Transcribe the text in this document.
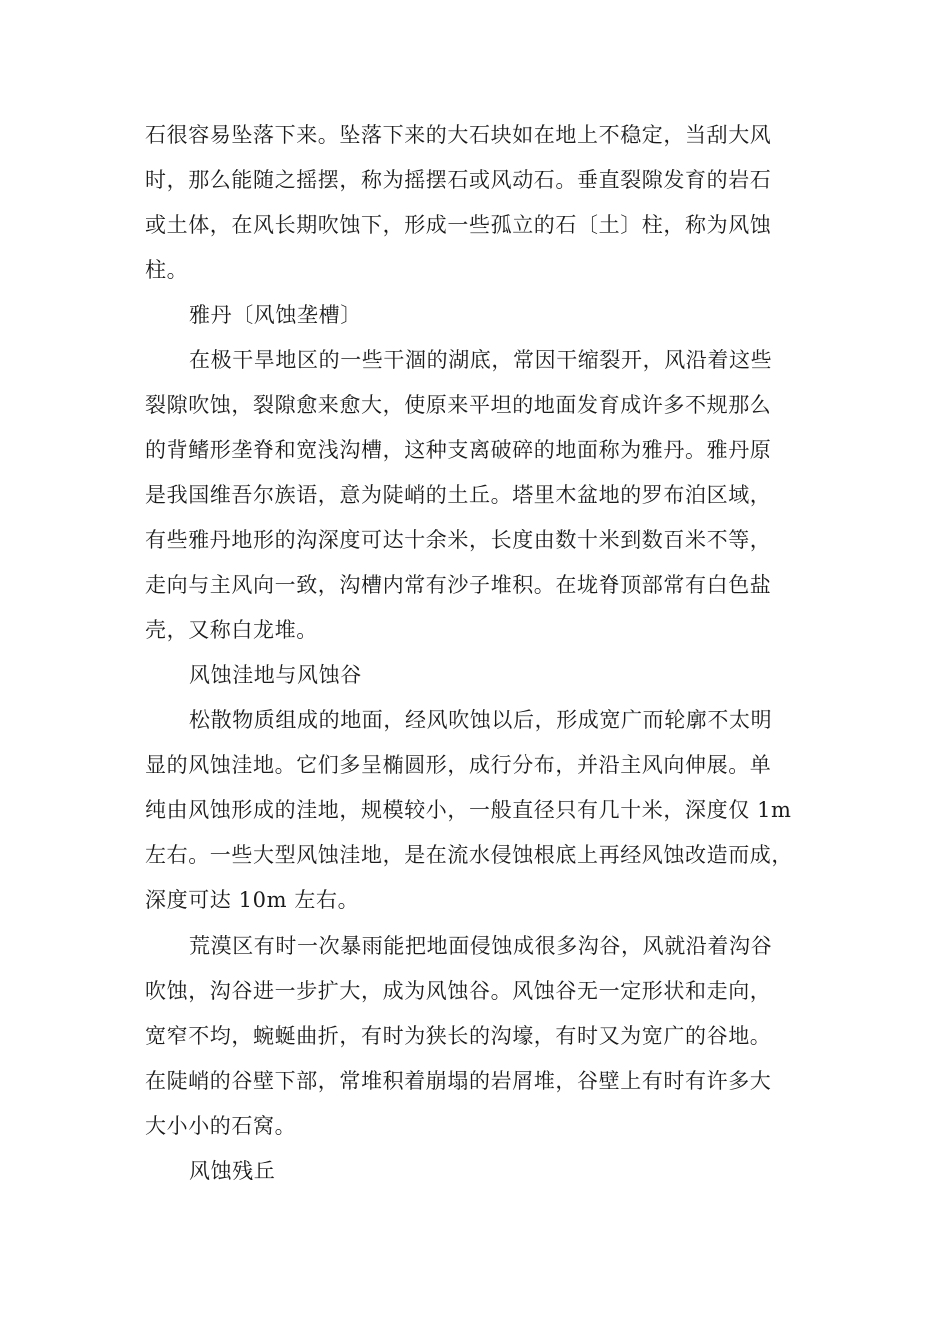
石很容易坠落下来。坠落下来的大石块如在地上不稳定，当刮大风
时，那么能随之摇摆，称为摇摆石或风动石。垂直裂隙发育的岩石
或土体，在风长期吹蚀下，形成一些孤立的石〔土〕柱，称为风蚀
柱。
雅丹〔风蚀垄槽〕
在极干旱地区的一些干涸的湖底，常因干缩裂开，风沿着这些
裂隙吹蚀，裂隙愈来愈大，使原来平坦的地面发育成许多不规那么
的背鳍形垄脊和宽浅沟槽，这种支离破碎的地面称为雅丹。雅丹原
是我国维吾尔族语，意为陡峭的土丘。塔里木盆地的罗布泊区域，
有些雅丹地形的沟深度可达十余米，长度由数十米到数百米不等，
走向与主风向一致，沟槽内常有沙子堆积。在垅脊顶部常有白色盐
壳，又称白龙堆。
风蚀洼地与风蚀谷
松散物质组成的地面，经风吹蚀以后，形成宽广而轮廓不太明
显的风蚀洼地。它们多呈椭圆形，成行分布，并沿主风向伸展。单
纯由风蚀形成的洼地，规模较小，一般直径只有几十米，深度仅 1m
左右。一些大型风蚀洼地，是在流水侵蚀根底上再经风蚀改造而成，
深度可达 10m 左右。
荒漠区有时一次暴雨能把地面侵蚀成很多沟谷，风就沿着沟谷
吹蚀，沟谷进一步扩大，成为风蚀谷。风蚀谷无一定形状和走向，
宽窄不均，蜿蜒曲折，有时为狭长的沟壕，有时又为宽广的谷地。
在陡峭的谷壁下部，常堆积着崩塌的岩屑堆，谷壁上有时有许多大
大小小的石窝。
风蚀残丘
